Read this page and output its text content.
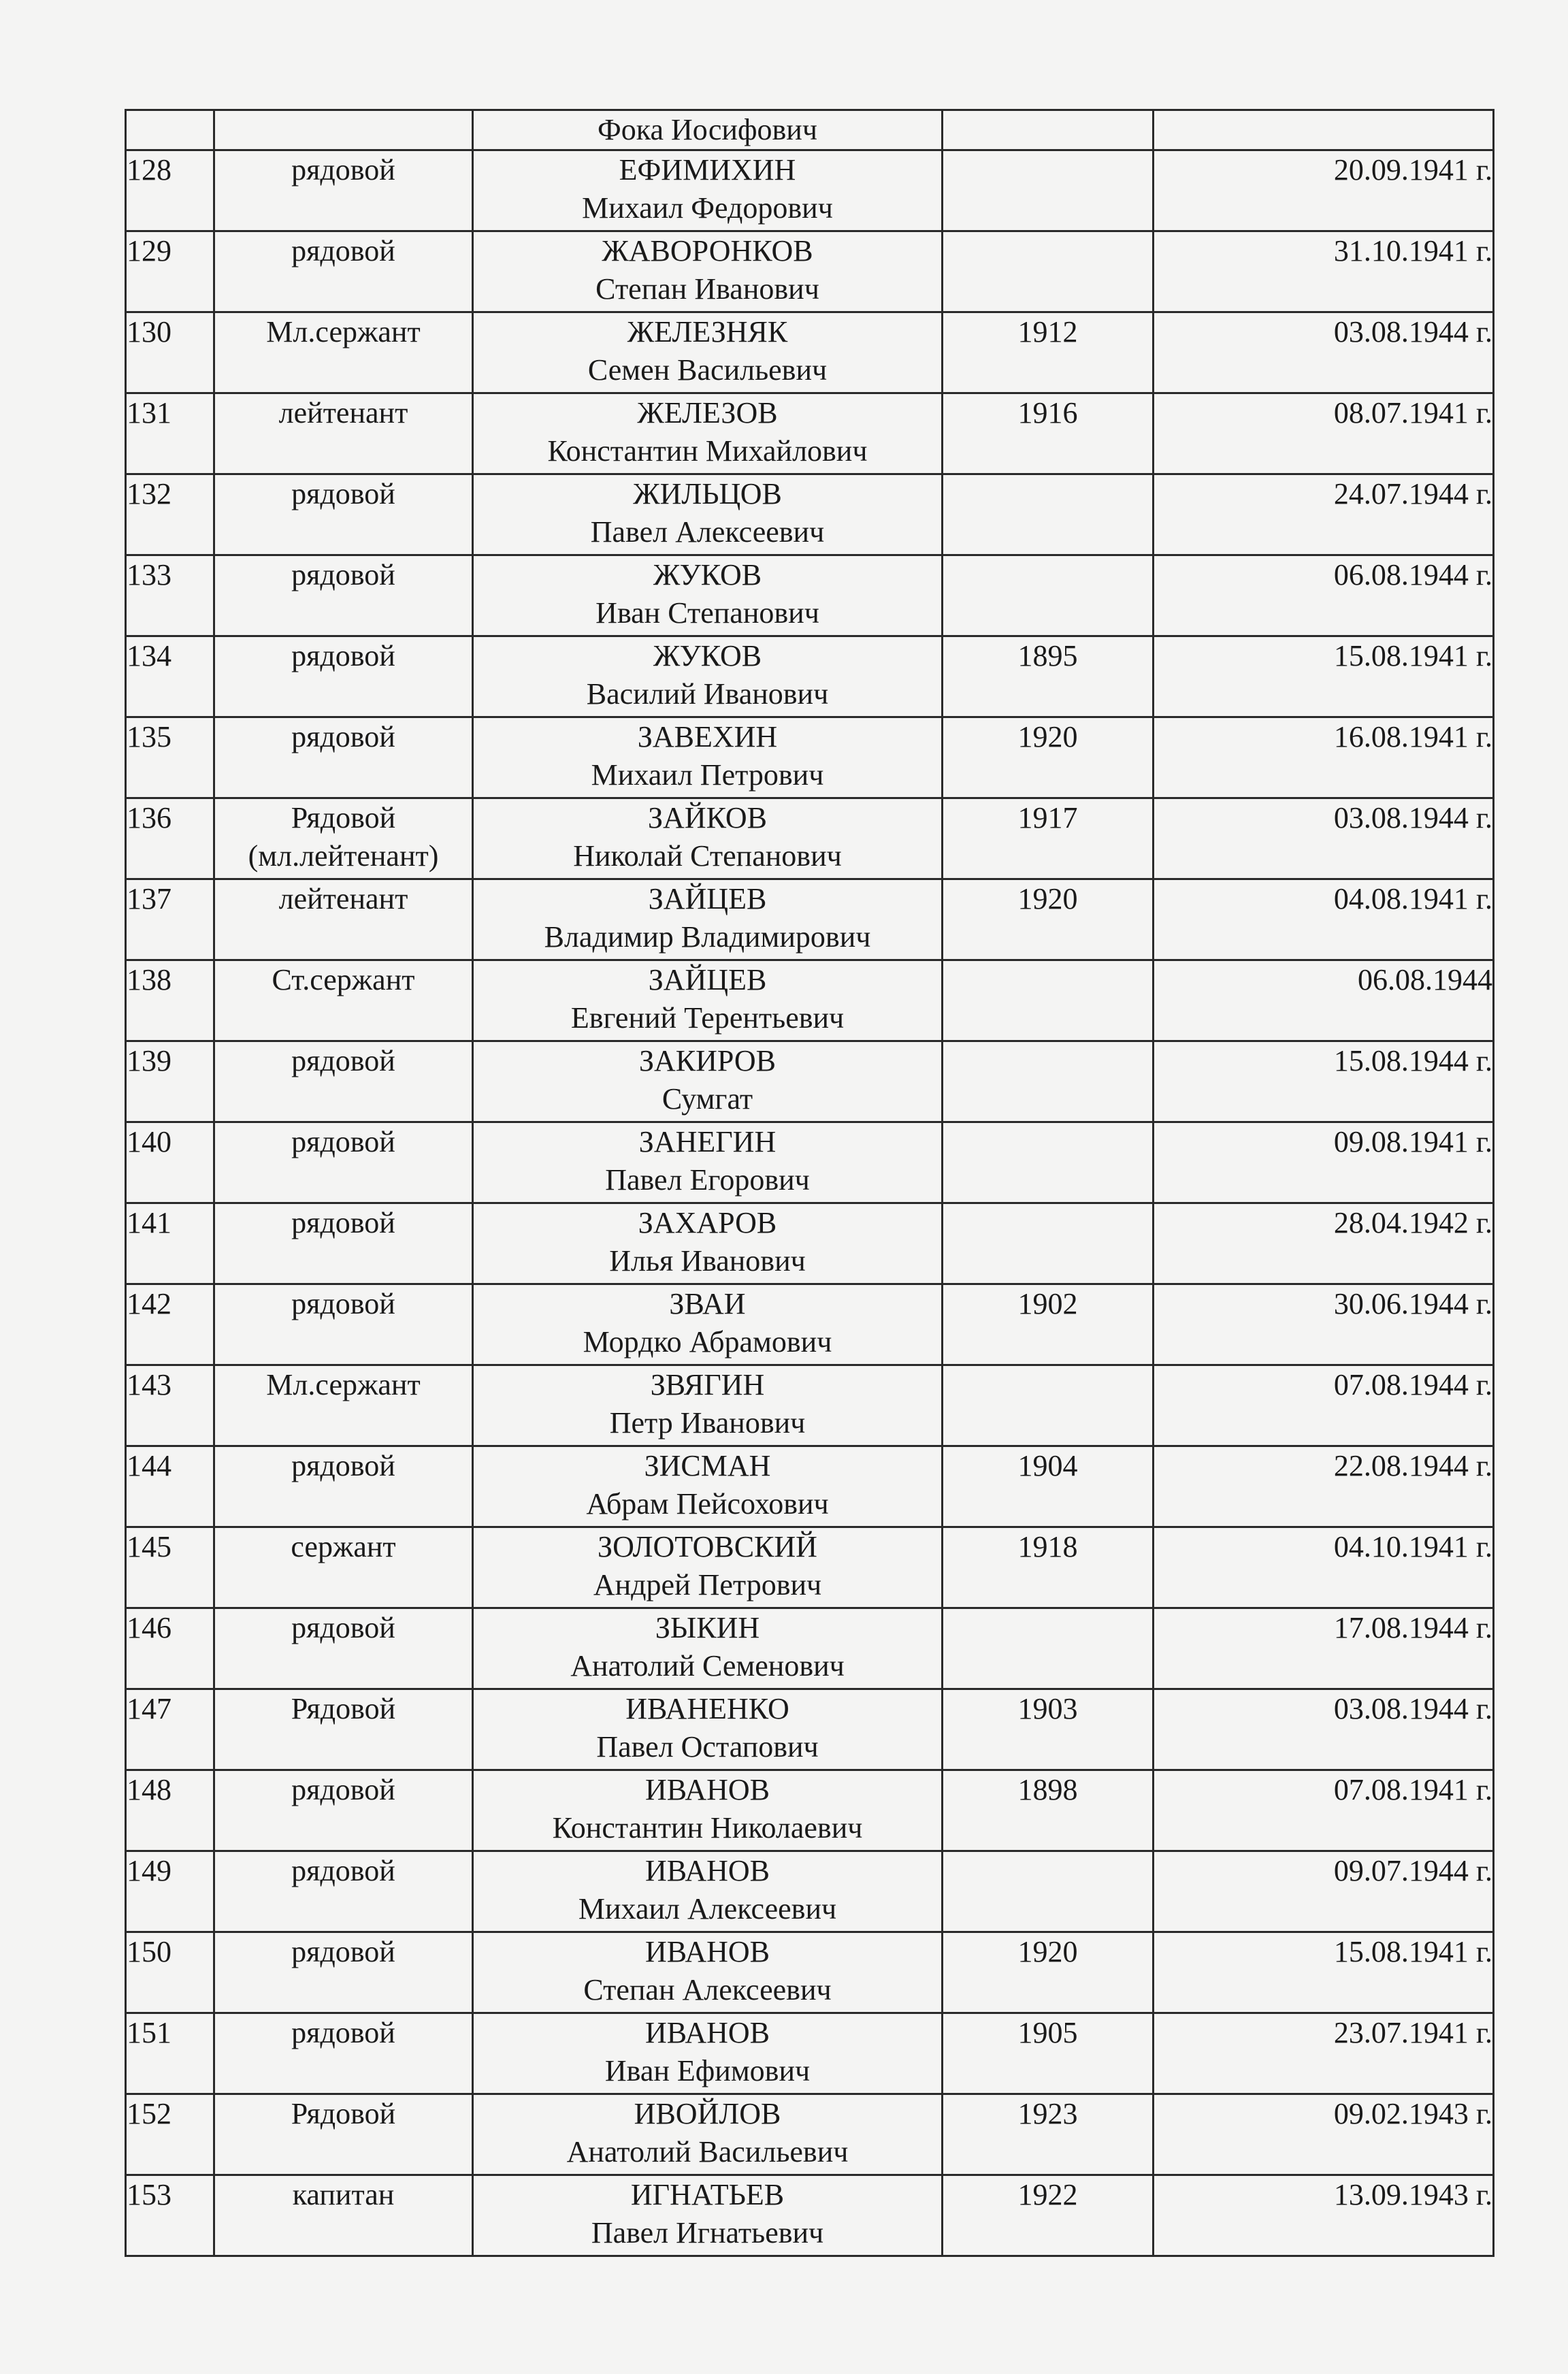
		Фока Иосифович		

128	рядовой	ЕФИМИХИН
Михаил Федорович		20.09.1941 г.

129	рядовой	ЖАВОРОНКОВ
Степан Иванович		31.10.1941 г.

130	Мл.сержант	ЖЕЛЕЗНЯК
Семен Васильевич	1912	03.08.1944 г.

131	лейтенант	ЖЕЛЕЗОВ
Константин Михайлович	1916	08.07.1941 г.

132	рядовой	ЖИЛЬЦОВ
Павел Алексеевич		24.07.1944 г.

133	рядовой	ЖУКОВ
Иван Степанович		06.08.1944 г.

134	рядовой	ЖУКОВ
Василий Иванович	1895	15.08.1941 г.

135	рядовой	ЗАВЕХИН
Михаил Петрович	1920	16.08.1941 г.

136	Рядовой
(мл.лейтенант)	ЗАЙКОВ
Николай Степанович	1917	03.08.1944 г.

137	лейтенант	ЗАЙЦЕВ
Владимир Владимирович	1920	04.08.1941 г.

138	Ст.сержант	ЗАЙЦЕВ
Евгений Терентьевич		06.08.1944

139	рядовой	ЗАКИРОВ
Сумгат		15.08.1944 г.

140	рядовой	ЗАНЕГИН
Павел Егорович		09.08.1941 г.

141	рядовой	ЗАХАРОВ
Илья Иванович		28.04.1942 г.

142	рядовой	ЗВАИ
Мордко Абрамович	1902	30.06.1944 г.

143	Мл.сержант	ЗВЯГИН
Петр Иванович		07.08.1944 г.

144	рядовой	ЗИСМАН
Абрам Пейсохович	1904	22.08.1944 г.

145	сержант	ЗОЛОТОВСКИЙ
Андрей Петрович	1918	04.10.1941 г.

146	рядовой	ЗЫКИН
Анатолий Семенович		17.08.1944 г.

147	Рядовой	ИВАНЕНКО
Павел Остапович	1903	03.08.1944 г.

148	рядовой	ИВАНОВ
Константин Николаевич	1898	07.08.1941 г.

149	рядовой	ИВАНОВ
Михаил Алексеевич		09.07.1944 г.

150	рядовой	ИВАНОВ
Степан Алексеевич	1920	15.08.1941 г.

151	рядовой	ИВАНОВ
Иван Ефимович	1905	23.07.1941 г.

152	Рядовой	ИВОЙЛОВ
Анатолий Васильевич	1923	09.02.1943 г.

153	капитан	ИГНАТЬЕВ
Павел Игнатьевич	1922	13.09.1943 г.
